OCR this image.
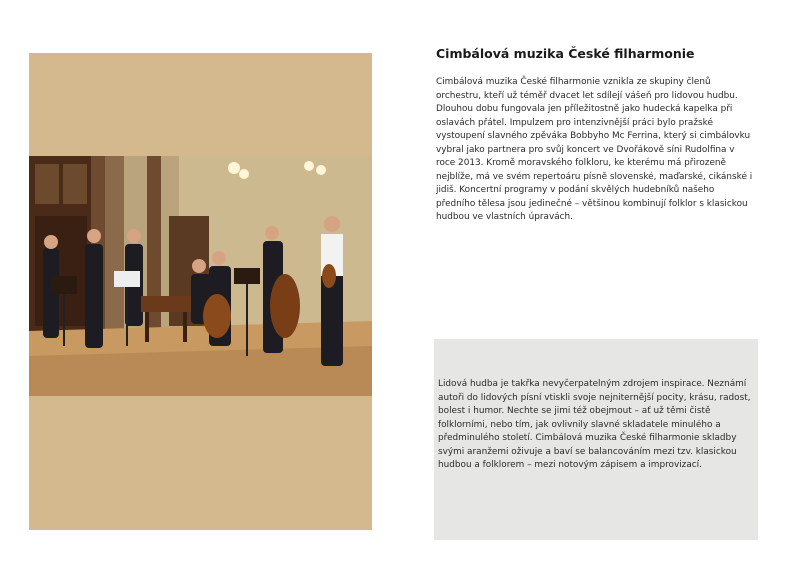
Cimbálová muzika České filharmonie

Cimbálová muzika České filharmonie vznikla ze skupiny členů orchestru, kteří už téměř dvacet let sdílejí vášeň pro lidovou hudbu. Dlouhou dobu fungovala jen příležitostně jako hudecká kapelka při oslavách přátel. Impulzem pro intenzivnější práci bylo pražské vystoupení slavného zpěváka Bobbyho Mc Ferrina, který si cimbálovku vybral jako partnera pro svůj koncert ve Dvořákově síni Rudolfina v roce 2013. Kromě moravského folkloru, ke kterému má přirozeně nejblíže, má ve svém repertoáru písně slovenské, maďarské, cikánské i jidiš. Koncertní programy v podání skvělých hudebníků našeho předního tělesa jsou jedinečné – většinou kombinují folklor s klasickou hudbou ve vlastních úpravách.

Lidová hudba je takřka nevyčerpatelným zdrojem inspirace. Neznámí autoři do lidových písní vtiskli svoje nejniternější pocity, krásu, radost, bolest i humor. Nechte se jimi též obejmout – ať už těmi čistě folklorními, nebo tím, jak ovlivnily slavné skladatele minulého a předminulého století. Cimbálová muzika České filharmonie skladby svými aranžemi oživuje a baví se balancováním mezi tzv. klasickou hudbou a folklorem – mezi notovým zápisem a improvizací.
